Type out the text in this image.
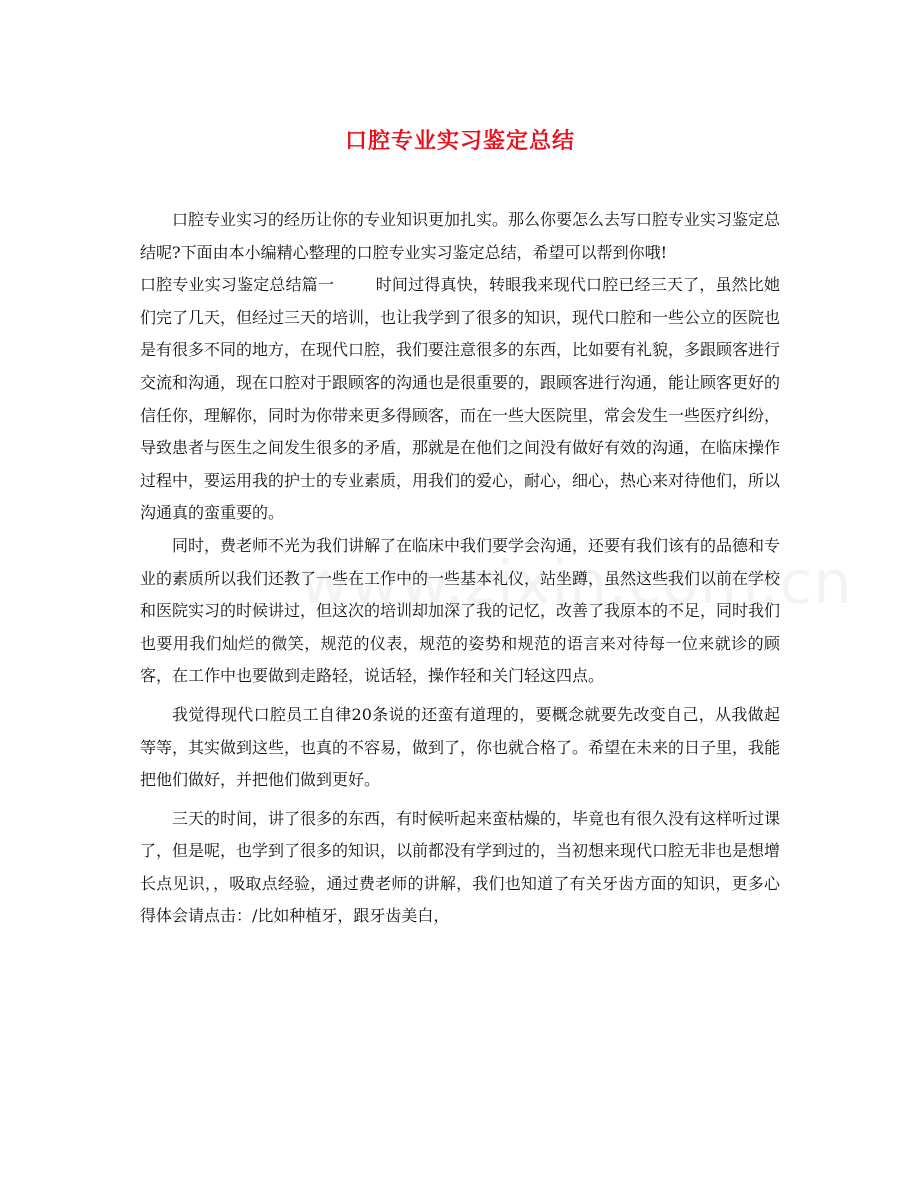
口腔专业实习鉴定总结

口腔专业实习的经历让你的专业知识更加扎实。那么你要怎么去写口腔专业实习鉴定总结呢?下面由本小编精心整理的口腔专业实习鉴定总结，希望可以帮到你哦!

口腔专业实习鉴定总结篇一	时间过得真快，转眼我来现代口腔已经三天了，虽然比她们完了几天，但经过三天的培训，也让我学到了很多的知识，现代口腔和一些公立的医院也是有很多不同的地方，在现代口腔，我们要注意很多的东西，比如要有礼貌，多跟顾客进行交流和沟通，现在口腔对于跟顾客的沟通也是很重要的，跟顾客进行沟通，能让顾客更好的信任你，理解你，同时为你带来更多得顾客，而在一些大医院里，常会发生一些医疗纠纷，导致患者与医生之间发生很多的矛盾，那就是在他们之间没有做好有效的沟通，在临床操作过程中，要运用我的护士的专业素质，用我们的爱心，耐心，细心，热心来对待他们，所以沟通真的蛮重要的。

同时，费老师不光为我们讲解了在临床中我们要学会沟通，还要有我们该有的品德和专业的素质所以我们还教了一些在工作中的一些基本礼仪，站坐蹲，虽然这些我们以前在学校和医院实习的时候讲过，但这次的培训却加深了我的记忆，改善了我原本的不足，同时我们也要用我们灿烂的微笑，规范的仪表，规范的姿势和规范的语言来对待每一位来就诊的顾客，在工作中也要做到走路轻，说话轻，操作轻和关门轻这四点。

我觉得现代口腔员工自律20条说的还蛮有道理的，要概念就要先改变自己，从我做起等等，其实做到这些，也真的不容易，做到了，你也就合格了。希望在未来的日子里，我能把他们做好，并把他们做到更好。

三天的时间，讲了很多的东西，有时候听起来蛮枯燥的，毕竟也有很久没有这样听过课了，但是呢，也学到了很多的知识，以前都没有学到过的，当初想来现代口腔无非也是想增长点见识，，吸取点经验，通过费老师的讲解，我们也知道了有关牙齿方面的知识，更多心得体会请点击：/比如种植牙，跟牙齿美白，
